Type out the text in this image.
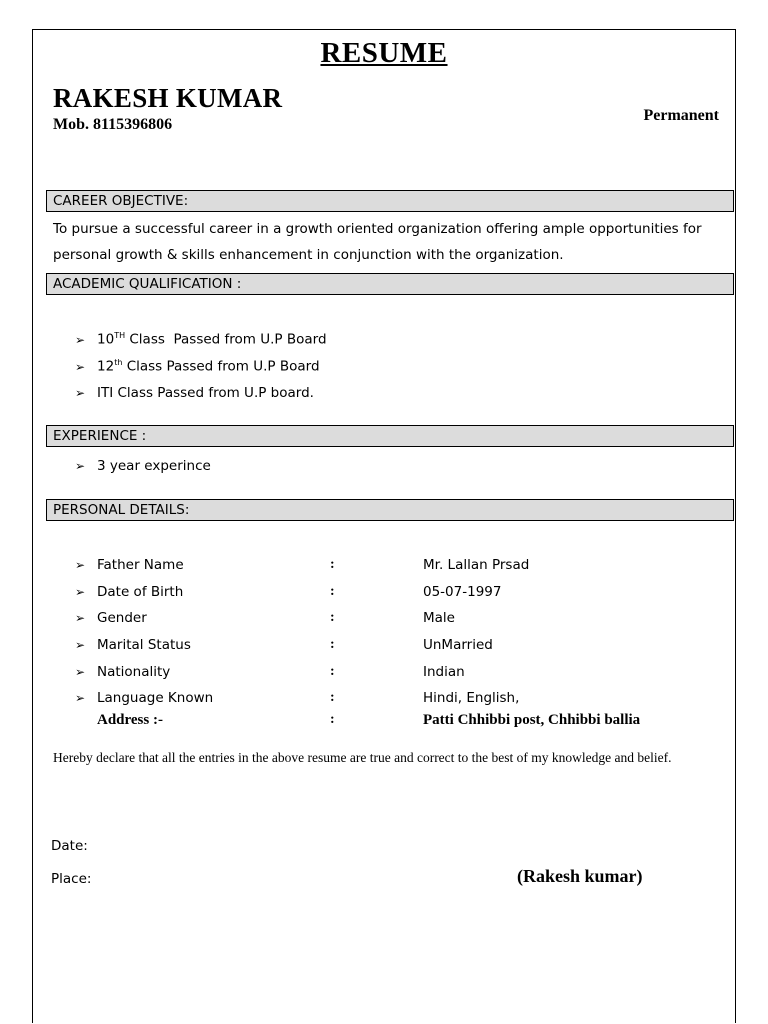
RESUME
RAKESH KUMAR
Mob. 8115396806
Permanent
CAREER OBJECTIVE:
To pursue a successful career in a growth oriented organization offering ample opportunities for
personal growth & skills enhancement in conjunction with the organization.
ACADEMIC QUALIFICATION :
➢ 10TH Class  Passed from U.P Board
➢ 12th Class Passed from U.P Board
➢ ITI Class Passed from U.P board.
EXPERIENCE :
➢ 3 year experince
PERSONAL DETAILS:
➢ Father Name	:	Mr. Lallan Prsad
➢ Date of Birth	:	05-07-1997
➢ Gender	:	Male
➢ Marital Status	:	UnMarried
➢ Nationality	:	Indian
➢ Language Known	:	Hindi, English,
Address :-	:	Patti Chhibbi post, Chhibbi ballia
Hereby declare that all the entries in the above resume are true and correct to the best of my knowledge and belief.
Date:
Place:	(Rakesh kumar)
